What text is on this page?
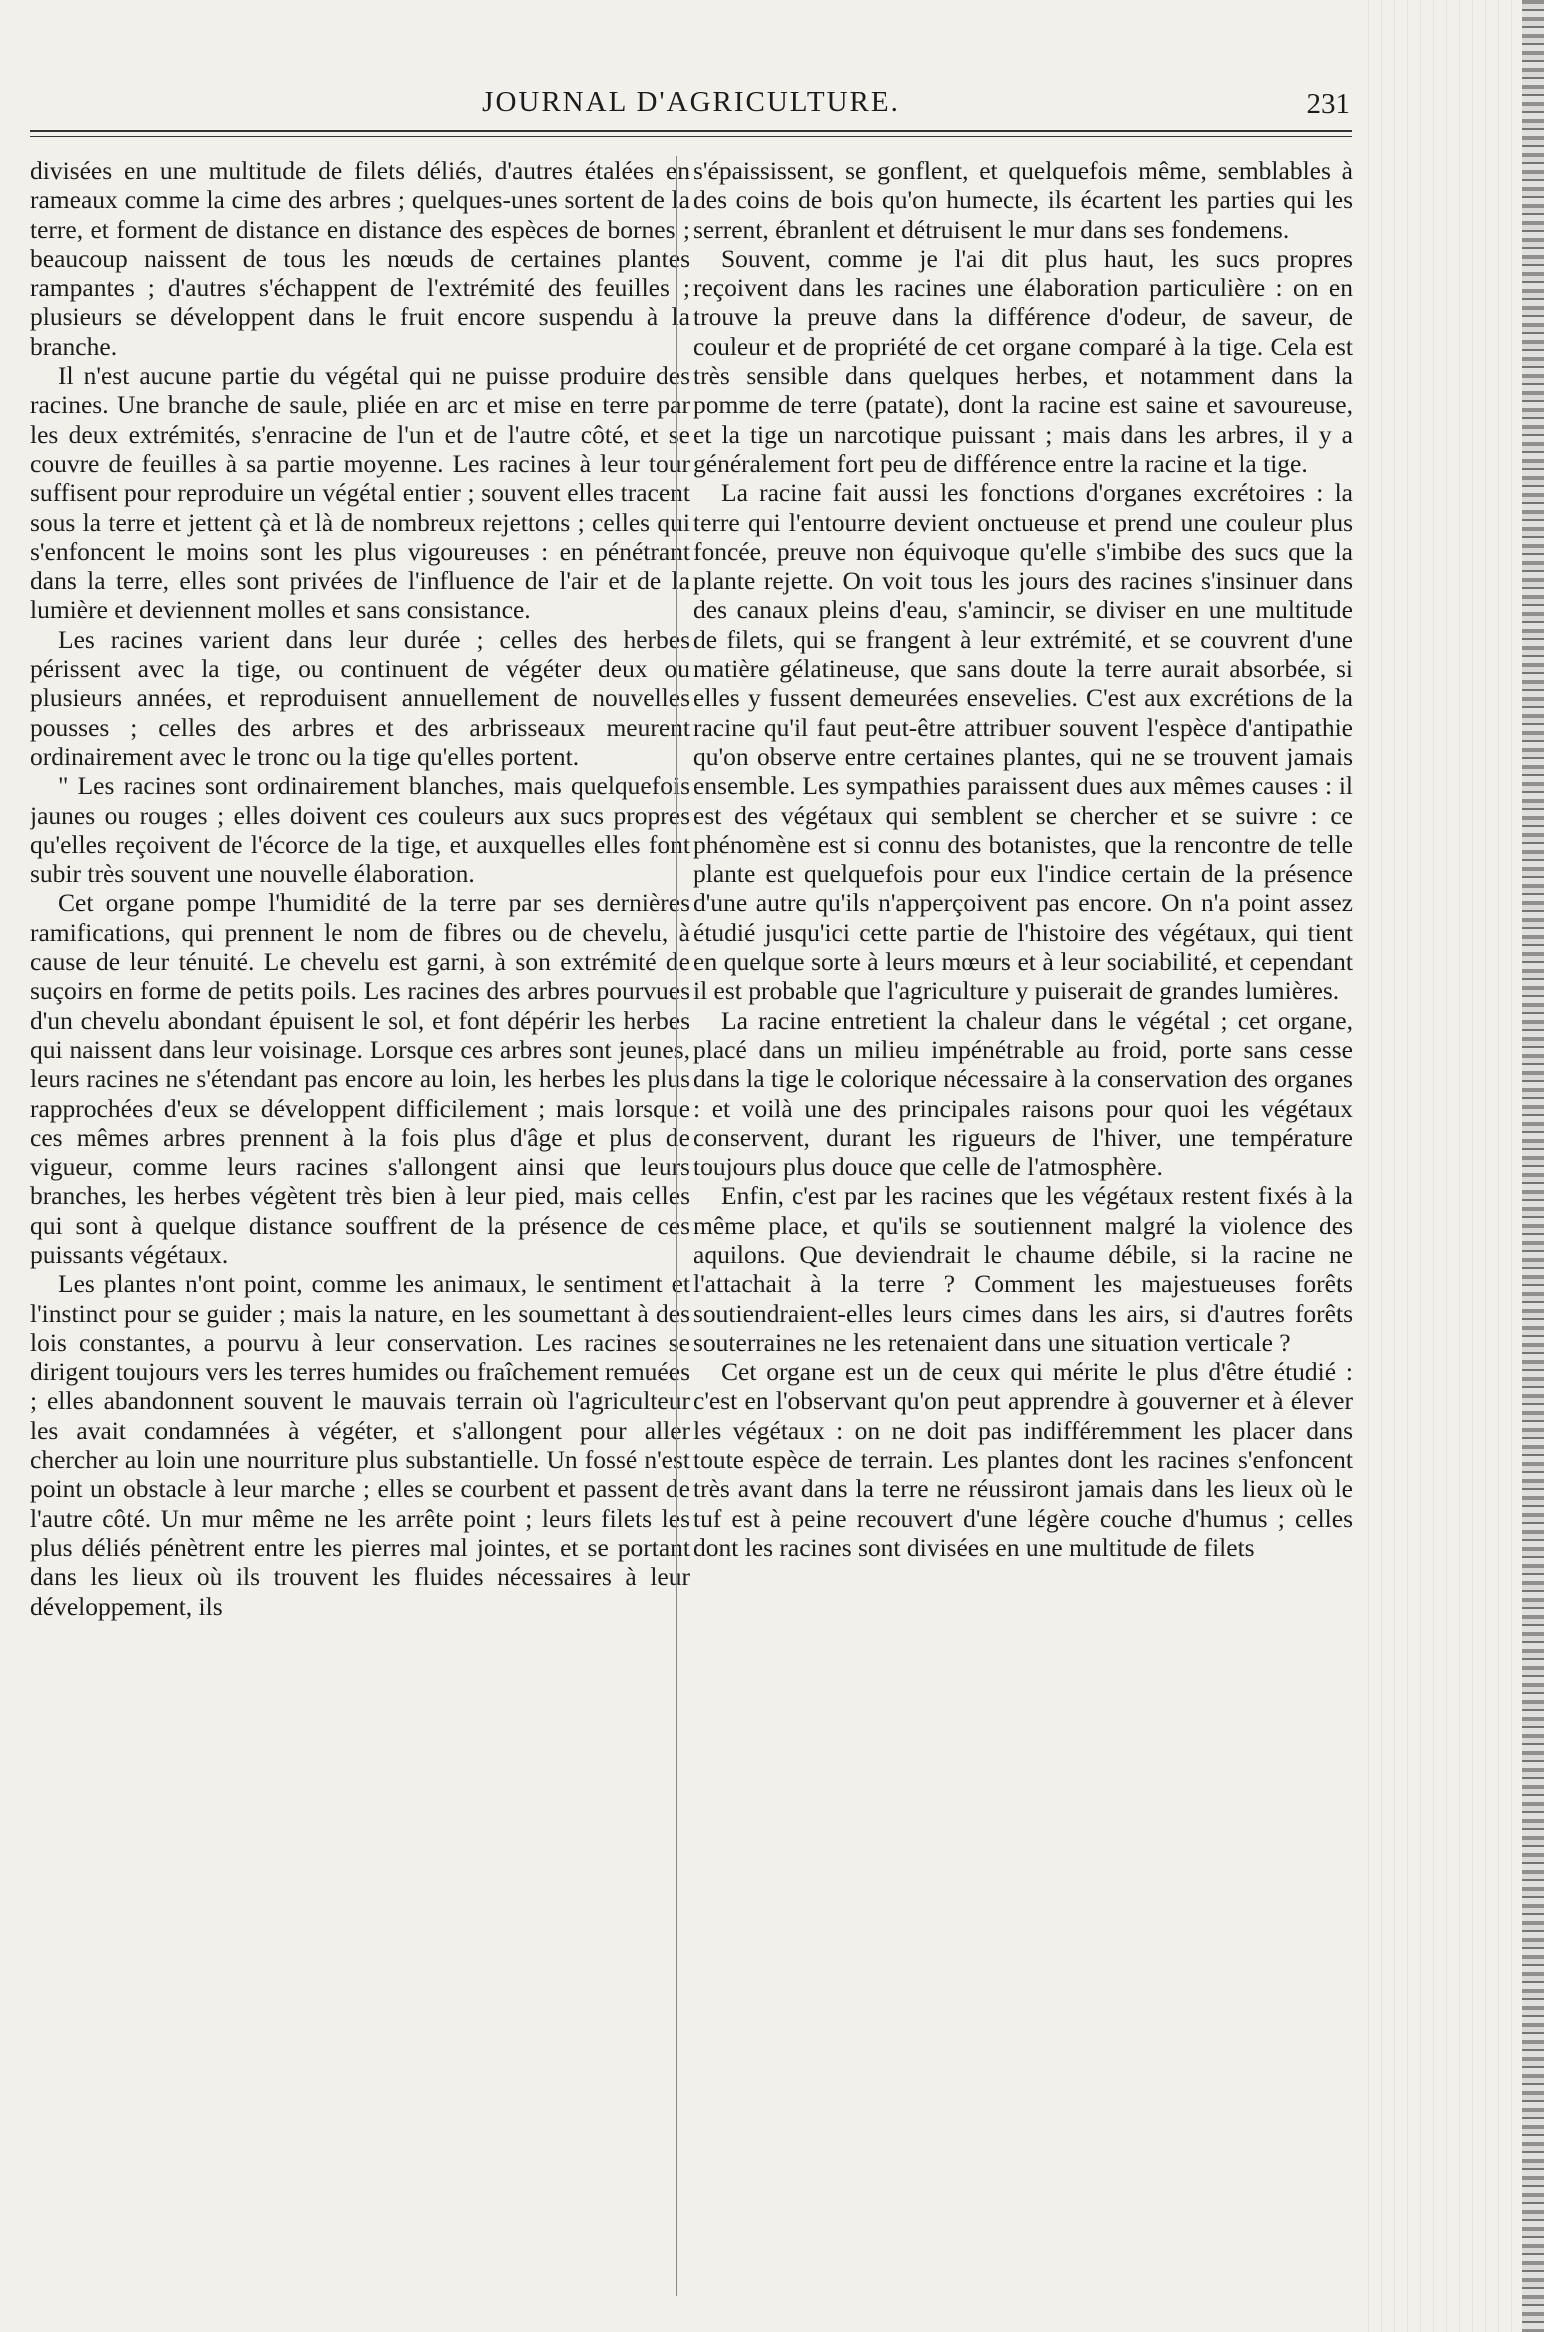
JOURNAL D'AGRICULTURE.	231

divisées en une multitude de filets déliés, d'autres étalées en rameaux comme la cime des arbres ; quelques-unes sortent de la terre, et forment de distance en distance des espèces de bornes ; beaucoup naissent de tous les nœuds de certaines plantes rampantes ; d'autres s'échappent de l'extrémité des feuilles ; plusieurs se développent dans le fruit encore suspendu à la branche.

Il n'est aucune partie du végétal qui ne puisse produire des racines. Une branche de saule, pliée en arc et mise en terre par les deux extrémités, s'enracine de l'un et de l'autre côté, et se couvre de feuilles à sa partie moyenne. Les racines à leur tour suffisent pour reproduire un végétal entier ; souvent elles tracent sous la terre et jettent çà et là de nombreux rejettons ; celles qui s'enfoncent le moins sont les plus vigoureuses : en pénétrant dans la terre, elles sont privées de l'influence de l'air et de la lumière et deviennent molles et sans consistance.

Les racines varient dans leur durée ; celles des herbes périssent avec la tige, ou continuent de végéter deux ou plusieurs années, et reproduisent annuellement de nouvelles pousses ; celles des arbres et des arbrisseaux meurent ordinairement avec le tronc ou la tige qu'elles portent.

" Les racines sont ordinairement blanches, mais quelquefois jaunes ou rouges ; elles doivent ces couleurs aux sucs propres qu'elles reçoivent de l'écorce de la tige, et auxquelles elles font subir très souvent une nouvelle élaboration.

Cet organe pompe l'humidité de la terre par ses dernières ramifications, qui prennent le nom de fibres ou de chevelu, à cause de leur ténuité. Le chevelu est garni, à son extrémité de suçoirs en forme de petits poils. Les racines des arbres pourvues d'un chevelu abondant épuisent le sol, et font dépérir les herbes qui naissent dans leur voisinage. Lorsque ces arbres sont jeunes, leurs racines ne s'étendant pas encore au loin, les herbes les plus rapprochées d'eux se développent difficilement ; mais lorsque ces mêmes arbres prennent à la fois plus d'âge et plus de vigueur, comme leurs racines s'allongent ainsi que leurs branches, les herbes végètent très bien à leur pied, mais celles qui sont à quelque distance souffrent de la présence de ces puissants végétaux.

Les plantes n'ont point, comme les animaux, le sentiment et l'instinct pour se guider ; mais la nature, en les soumettant à des lois constantes, a pourvu à leur conservation. Les racines se dirigent toujours vers les terres humides ou fraîchement remuées ; elles abandonnent souvent le mauvais terrain où l'agriculteur les avait condamnées à végéter, et s'allongent pour aller chercher au loin une nourriture plus substantielle. Un fossé n'est point un obstacle à leur marche ; elles se courbent et passent de l'autre côté. Un mur même ne les arrête point ; leurs filets les plus déliés pénètrent entre les pierres mal jointes, et se portant dans les lieux où ils trouvent les fluides nécessaires à leur développement, ils

s'épaississent, se gonflent, et quelquefois même, semblables à des coins de bois qu'on humecte, ils écartent les parties qui les serrent, ébranlent et détruisent le mur dans ses fondemens.

Souvent, comme je l'ai dit plus haut, les sucs propres reçoivent dans les racines une élaboration particulière : on en trouve la preuve dans la différence d'odeur, de saveur, de couleur et de propriété de cet organe comparé à la tige. Cela est très sensible dans quelques herbes, et notamment dans la pomme de terre (patate), dont la racine est saine et savoureuse, et la tige un narcotique puissant ; mais dans les arbres, il y a généralement fort peu de différence entre la racine et la tige.

La racine fait aussi les fonctions d'organes excrétoires : la terre qui l'entourre devient onctueuse et prend une couleur plus foncée, preuve non équivoque qu'elle s'imbibe des sucs que la plante rejette. On voit tous les jours des racines s'insinuer dans des canaux pleins d'eau, s'amincir, se diviser en une multitude de filets, qui se frangent à leur extrémité, et se couvrent d'une matière gélatineuse, que sans doute la terre aurait absorbée, si elles y fussent demeurées ensevelies. C'est aux excrétions de la racine qu'il faut peut-être attribuer souvent l'espèce d'antipathie qu'on observe entre certaines plantes, qui ne se trouvent jamais ensemble. Les sympathies paraissent dues aux mêmes causes : il est des végétaux qui semblent se chercher et se suivre : ce phénomène est si connu des botanistes, que la rencontre de telle plante est quelquefois pour eux l'indice certain de la présence d'une autre qu'ils n'apperçoivent pas encore. On n'a point assez étudié jusqu'ici cette partie de l'histoire des végétaux, qui tient en quelque sorte à leurs mœurs et à leur sociabilité, et cependant il est probable que l'agriculture y puiserait de grandes lumières.

La racine entretient la chaleur dans le végétal ; cet organe, placé dans un milieu impénétrable au froid, porte sans cesse dans la tige le colorique nécessaire à la conservation des organes : et voilà une des principales raisons pour quoi les végétaux conservent, durant les rigueurs de l'hiver, une température toujours plus douce que celle de l'atmosphère.

Enfin, c'est par les racines que les végétaux restent fixés à la même place, et qu'ils se soutiennent malgré la violence des aquilons. Que deviendrait le chaume débile, si la racine ne l'attachait à la terre ? Comment les majestueuses forêts soutiendraient-elles leurs cimes dans les airs, si d'autres forêts souterraines ne les retenaient dans une situation verticale ?

Cet organe est un de ceux qui mérite le plus d'être étudié : c'est en l'observant qu'on peut apprendre à gouverner et à élever les végétaux : on ne doit pas indifféremment les placer dans toute espèce de terrain. Les plantes dont les racines s'enfoncent très avant dans la terre ne réussiront jamais dans les lieux où le tuf est à peine recouvert d'une légère couche d'humus ; celles dont les racines sont divisées en une multitude de filets
